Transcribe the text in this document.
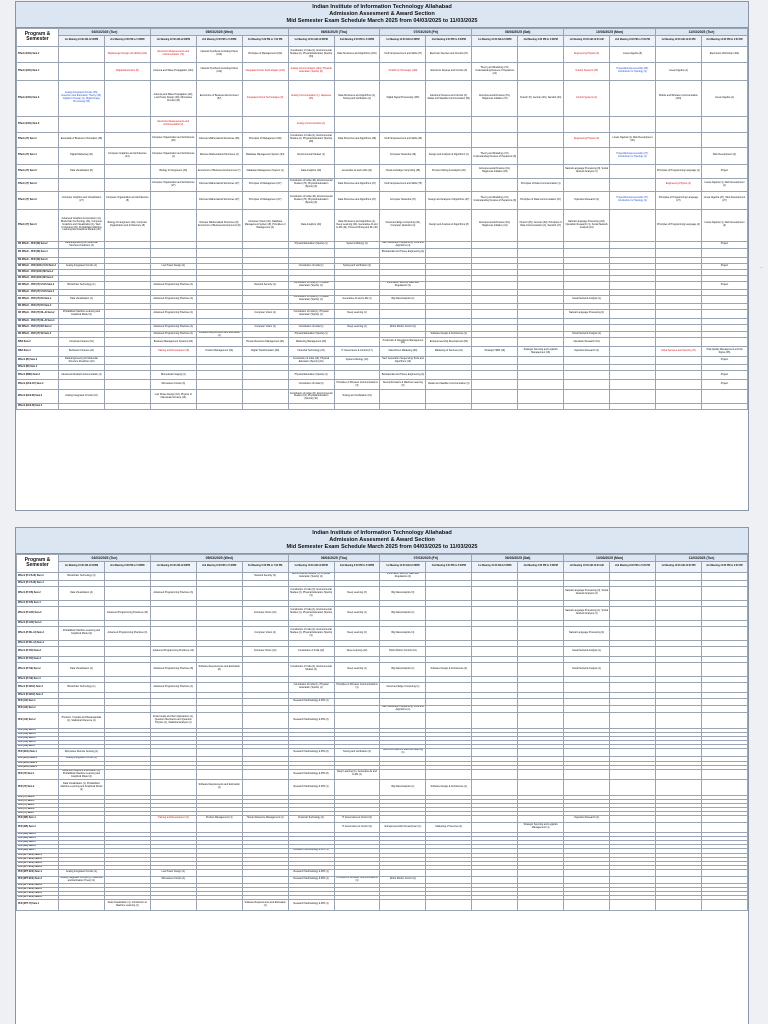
Indian Institute of Information Technology Allahabad
Admission Assesment & Award Section
Mid Semester Exam Schedule March 2025 from 04/03/2025 to 11/03/2025
Program & Semester	04/03/2025 (Tue)		05/03/2025 (Wed)			06/03/2025 (Thu)		07/03/2025 (Fri)		08/03/2025 (Sat)		10/03/2025 (Mon)		11/03/2025 (Tue)	
	1st Meeting 10:30 AM-12:30PM	2nd Meeting 3:30 PM to 5:30PM	1st Meeting 10:30 AM-12:30PM	2nd Meeting 3:30 PM to 5:30PM	3rd Meeting 5:30 PM to 7:30 PM	1st Meeting 10:30 AM-12:30PM	2nd Meeting 3:30 PM to 5:30PM	1st Meeting 10:30 AM-12:30PM	2nd Meeting 3:30 PM to 5:30PM	1st Meeting 10:30 AM-12:30PM	2nd Meeting 3:30 PM to 5:30PM	1st Meeting 10:30 AM-12:30 AM	2nd Meeting 3:30 PM to 5:30 PM	1st Meeting 10:30 AM-12:30 PM	2nd Meeting 12:30 PM to 2:30 PM
BTech (ECE) Sem-2		Digital Logic Design Lab (ECE) (104)	Electronic Measurements and Instrumentation (72)	Network Synthesis & Analog Filters (100)	Principles of Management (102)	Constitution of India (1), Environmental Studies (2), Physical Education (Sports) (54)	Data Structures and Algorithms (151)	Youth Empowerment and Skills (37)	Electronic Devices and Circuits (15)			Engineering Physics (6)	Linear Algebra (6)		Electronics Workshop (104)
BTech (ECE) Sem-4		Digital Electronics (8)	Antenna and Wave Propagation (144)	Network Synthesis & Analog Filters (144)	Integrated Circuit Technologies (144)	Analog Communication (144), Physical Education (Sports) (8)		VLSI/IC & CS Design (148)	Electronic Devices and Circuits (6)	Theory and Modeling of IC, Understanding Devices of Hepatrons (21)		Control Systems (25)	Project/Entrepreneurship (68), Introduction to Topology (1)	Linear Algebra (1)	
BTech (ECE) Sem-6	Analog Integrated Circuits (35), Detection and Estimation Theory (40), Digital IC Design (4), Digital Image Processing (30)		Antenna and Wave Propagation (22), Low Power Design (49), Microwave Circuits (49)	Economics of Business Environment (57)	Integrated Circuit Technologies (8)	Analog Communication (1), Japanese (56)	Data Structures and Algorithms (1), Testing and Verification (1)	Digital Signal Processing (105)	Electronic Devices and Circuits (3), Radar and Satellite Communication (51)	Entrepreneurial Finance (51), Happiness Initiative (37)	Fintech (5), German (40), Sanskrit (34)	Control Systems (1)		Mobile and Wireless Communication (104)	Linear Algebra (1)
BTech (ECE) Sem-8			Electronic Measurements and Instrumentation (2)			Analog Communication (1)									
BTech (IT) Sem-2	Essentials of Business Information (48)		Computer Organization and Architecture (48)	Discrete Mathematical Structures (48)	Principles of Management (48)	Constitution of India (1), Environmental Studies (2), Physical Education (Sports) (48)	Data Structures and Algorithms (48)	Youth Empowerment and Skills (48)				Engineering Physics (6)	Linear Algebra (4), Web Development (40)		
BTech (IT) Sem-4	Digital Marketing (42)	Computer Graphics and Architecture (44)	Computer Organization and Architecture (1)	Discrete Mathematical Structures (4)	Database Management System (64)	Environmental Studies (1)		Computer Networks (49)	Design and Analysis of Algorithms (1)	Theory and Modeling of IC, Understanding Devices of Hepatrons (8)			Project/Entrepreneurship (27), Introduction to Topology (1)		Web Development (4)
BTech (IT) Sem-6	Data Visualization (8)		Biology for Engineers (40)	Economics of Business Environment (7)	Database Management System (1)	Data Analytics (40)	Generative AI and LLMs (11)	Cloud and Edge Computing (38)	Process Mining & Analytics (40)	Entrepreneurial Finance (91), Happiness Initiative (25)		Natural Language Processing (8), Social Network Analysis (1)		Principles of Programming Language (1)	Project
BTech (IT) Sem-8			Computer Organization and Architecture (27)	Discrete Mathematical Structures (27)	Principles of Management (27)	Constitution of India (18), Environmental Studies (78), Physical Education (Sports) (6)	Data Structures and Algorithms (27)	Youth Empowerment and Skills (75)			Principles of Data Communication (1)			Engineering Physics (1)	Linear Algebra (1), Web Development (1)
BTech (IT) Sem-8	Computer Graphics and Visualization (27)	Computer Organization and Architecture (8)		Discrete Mathematical Structures (27)	Principles of Management (27)	Constitution of India (18), Environmental Studies (78), Physical Education (Sports) (6)	Data Structures and Algorithms (27)	Computer Networks (27)	Design and Analysis of Algorithms (27)	Theory and Modeling of IC, Understanding Devices of Hepatrons (8)	Principles of Data Communication (27)	Operation Research (1)	Project/Entrepreneurship (37), Introduction to Topology (4)	Principles of Programming Language (27)	Linear Algebra (27), Web Development (27)
BTech (IT) Sem-6	Advanced Graphics & Animation (11), Blockchain Technology (40), Computer Graphics and Visualization (1), Web Computing (20), Probabilistic Machine Learning and Graphical Models (40)	Biology for Engineers (40), Computer Organization and Architecture (8)		Discrete Mathematical Structures (8), Economics of Business Environment (8)	Computer Vision (40), Database Management System (8), Principles of Management (4)	Data Analytics (40)	Data Structures and Algorithms (1), Deep Learning (40), Generative AI and LLMs (40), Process Mining and RL (40)	Cloud and Edge Computing (40), Computer Networks (4)	Design and Analysis of Algorithms (8)	Entrepreneurial Finance (94), Happiness Initiative (41)	Fintech (25), German (42), Principles of Data Communication (1), Sanskrit (17)	Natural Language Processing (18), Operation Research (1), Social Network Analysis (24)		Principles of Programming Language (4)	Linear Algebra (1), Web Development (4)
BS MTech - PhD (BI) Sem-2	Data Engineering for Molecular Structure Prediction (4)					Physical Education (Sports) (1)	Systems Biology (4)	Next Generation Sequencing Tools and Algorithms (4)							Project
BS MTech - PhD (BI) Sem-4								Biomaterials and Tissue Engineering (4)							
BS MTech - PhD (BI) Sem-6															
DD MTech - PhD (ECE) VLSI Sem-2	Analog Integrated Circuits (1)		Low Power Design (1)			Constitution of India (1)	Testing and Verification (1)								Project
DD MTech - PhD (ECE) MI Sem-2															
DD MTech - PhD (ECE) MI Sem-4															
DD MTech - PhD (IT) CS-IS Sem-2	Blockchain Technology (1)		Advanced Programming Practices (1)		Network Security (1)	Constitution of India (1), Physical Education (Sports) (1)		Information Security Laws and Regulations (1)							Project
DD MTech - PhD (IT) CS-IS Sem-4															
DD MTech - PhD (IT) DS Sem-2	Data Visualization (1)		Advanced Programming Practices (1)			Constitution of India (1), Physical Education (Sports) (1)	Generative AI and LLMs (1)	Big Data Analytics (1)				Social Network Analysis (1)			
DD MTech - PhD (IT) DS Sem-4															
DD MTech - PhD (IT) ML-AI Sem-2	Probabilistic Machine Learning and Graphical Model (1)		Advanced Programming Practices (1)		Computer Vision (1)	Constitution of India (1), Physical Education (Sports) (1)	Deep Learning (1)					Natural Language Processing (1)			
DD MTech - PhD (IT) ML-AI Sem-4															
DD MTech - PhD (IT) RO Sem-2			Advanced Programming Practices (1)		Computer Vision (1)	Constitution of India (1)	Deep Learning (1)	Robot Motion Control (1)							
DD MTech - PhD (IT) SE Sem-2			Advanced Programming Practices (1)	Software Requirements and Estimation (1)		Physical Education (Sports) (1)			Software Design & Architecture (1)			Social Network Analysis (1)			
MBA Sem-2	Corporate Finance (61)		Business Management Systems (62)		Human Resource Management (61)	Marketing Management (60)		Production & Operations Management (61)	Entrepreneurship Development (62)			Operation Research (61)			
MBA Sem-4	Behaviour Finance (24)		Training and Development (8)	Product Management (24)	Digital Transformation (60)	Financial Technology (24)	IT Governance & Control (17)	Data Driven Marketing (60)	Marketing of Services (21)	Strategic HRM (19)	Strategic Sourcing and Logistics Management (16)	Operation Research (1)		Cloud Services and Security (27)	Total Quality Management and Six Sigma (35)
MTech (BI) Sem-2	Data Engineering for Molecular Structure Prediction (10)					Constitution of India (10), Physical Education (Sports) (10)	Systems Biology (10)	Next Generation Sequencing Tools and Algorithms (10)							Project
MTech (BI) Sem-4															
MTech (BME) Sem-2	Advanced Medical Instrumentation (4)		Biomedical Imaging (4)			Physical Education (Sports) (4)		Biomaterials and Tissue Engineering (4)							Project
MTech (ECE-CF) Sem-2			Microwave Circuits (3)			Constitution of India (3)	Principles of Wireless Communications (3)	Neuroinformatics & Machine Learning (3)	Radar and Satellite Communication (3)						Project
MTech (ECE-M) Sem-2	Analog Integrated Circuits (10)		Low Power Design (10), Physics of Nanoscale Devices (10)			Constitution of India (10), Environmental Studies (10), Physical Education (Sports) (10)	Testing and Verification (10)								
MTech (ECE-M) Sem-4															
—
Indian Institute of Information Technology Allahabad
Admission Assesment & Award Section
Mid Semester Exam Schedule March 2025 from 04/03/2025 to 11/03/2025
Program & Semester	04/03/2025 (Tue)		05/03/2025 (Wed)			06/03/2025 (Thu)		07/03/2025 (Fri)		08/03/2025 (Sat)		10/03/2025 (Mon)		11/03/2025 (Tue)	
	1st Meeting 10:30 AM-12:30PM	2nd Meeting 3:30 PM to 5:30PM	1st Meeting 10:30 AM-12:30PM	2nd Meeting 3:30 PM to 5:30PM	3rd Meeting 5:30 PM to 7:30 PM	1st Meeting 10:30 AM-12:30PM	2nd Meeting 3:30 PM to 5:30PM	1st Meeting 10:30 AM-12:30PM	2nd Meeting 3:30 PM to 5:30PM	1st Meeting 10:30 AM-12:30PM	2nd Meeting 3:30 PM to 5:30PM	1st Meeting 10:30 AM-12:30 AM	2nd Meeting 3:30 PM to 5:30 PM	1st Meeting 10:30 AM-12:30 PM	2nd Meeting 12:30 PM to 2:30 PM
MTech (IT-CS-IS) Sem-2	Blockchain Technology (4)				Network Security (4)	Environmental Studies (4), Physical Education (Sports) (4)		Information Security Laws and Regulations (4)							
MTech (IT-CS-IS) Sem-4															
MTech (IT-DS) Sem-2	Data Visualization (4)		Advanced Programming Practices (3)			Constitution of India (3), Environmental Studies (3), Physical Education (Sports) (3)	Deep Learning (3)	Big Data Analytics (3)				Natural Language Processing (3), Social Network Analysis (3)			
MTech (IT-DS) Sem-4															
MTech (IT-HCI) Sem-2		Advanced Programming Practices (16)			Computer Vision (16)	Constitution of India (1), Environmental Studies (1), Physical Education (Sports) (1)	Deep Learning (1)	Big Data Analytics (1)				Natural Language Processing (1), Social Network Analysis (1)			
MTech (IT-HCI) Sem-4															
MTech (IT-ML-AI) Sem-2	Probabilistic Machine Learning and Graphical Model (4)	Advanced Programming Practices (4)			Computer Vision (4)	Constitution of India (4), Environmental Studies (4), Physical Education (Sports) (4)	Deep Learning (4)	Big Data Analytics (4)				Natural Language Processing (4)			
MTech (IT-ML-AI) Sem-4															
MTech (IT-RO) Sem-2			Advanced Programming Practices (12)		Computer Vision (12)	Constitution of India (12)	Deep Learning (12)	Robot Motion Control (12)				Social Network Analysis (1)			
MTech (IT-RO) Sem-4															
MTech (IT-SE) Sem-2	Data Visualization (4)		Advanced Programming Practices (8)	Software Requirements and Estimation (8)		Constitution of India (4), Environmental Studies (4)	Deep Learning (1)	Big Data Analytics (1)	Software Design & Architecture (4)			Social Network Analysis (1)			
MTech (IT-SE) Sem-4															
MTech (IT-WAC) Sem-2	Blockchain Technology (1)		Advanced Programming Practices (1)			Constitution of India (1), Physical Education (Sports) (1)	Principles of Wireless Communications (1)	Cloud and Edge Computing (1)							
MTech (IT-WAC) Sem-4															
PhD (AS) Sem-1						Research Methodology & IPR (1)									
PhD (AS) Sem-2								Next Generation Sequencing Tools and Algorithms (1)							
PhD (AS) Sem-2	Photonic, Crystals and Metamaterials (1), Statistical Inference (1)		Finite Fields and their Applications (1), Quantum Mechanics and Quantum Physics (1), Statistical Analysis (1)			Research Methodology & IPR (2)									
PhD (AS) Sem-3															
PhD (AS) Sem-4															
PhD (AS) Sem-5															
PhD (AS) Sem-6															
PhD (AS) Sem-7															
PhD (ECE) Sem-1	Microwave Remote Sensing (1)					Research Methodology & IPR (6)	Testing and Verification (1)	Neuroinformatics & Machine Learning (1)							
PhD (ECE) Sem-2	Analog Integrated Circuits (1)														
PhD (ECE) Sem-3															
PhD (ECE) Sem-4															
PhD (IT) Sem-1	Advanced Graphics & Animation (1), Probabilistic Machine Learning and Graphical Model (1)					Research Methodology & IPR (8)	Deep Learning (1), Generative AI and LLMs (1)								
PhD (IT) Sem-2	Data Visualization (1), Probabilistic Machine Learning and Graphical Model (1)			Software Requirements and Estimation (1)		Research Methodology & IPR (1)		Big Data Analytics (1)	Software Design & Architecture (1)						
PhD (IT) Sem-3															
PhD (IT) Sem-4															
PhD (IT) Sem-5															
PhD (IT) Sem-6															
PhD (IT) Sem-7															
PhD (MS) Sem-1			Training and Development (1)	Product Management (1)	Human Resource Management (1)	Financial Technology (1)	IT Governance & Control (1)					Operation Research (1)			
PhD (MS) Sem-2							IT Governance & Control (1)	Entrepreneurship Development (1)	Marketing of Services (1)		Strategic Sourcing and Logistics Management (1)				
PhD (MS) Sem-3															
PhD (MS) Sem-4															
PhD (MS) Sem-5															
PhD (MS) Sem-6															
PhD (MS) Sem-7						Research Methodology & IPR (1)									
PhD (IIPT-ECE) Sem-1															
PhD (IIPT-ECE) Sem-2															
PhD (IIPT-ECE) Sem-3															
PhD (IIPT-ECE) Sem-4															
PhD (IIPT-ECE) Sem-1	Analog Integrated Circuits (1)		Low Power Design (1)			Research Methodology & IPR (1)									
PhD (IIPT-ECE) Sem-2	Analog Integrated Circuits (1), Detection and Estimation Theory (1)		Microwave Circuits (1)			Research Methodology & IPR (1)	Principles of Wireless Communications (1)	Robot Motion Control (1)							
PhD (IIPT-ECE) Sem-3															
PhD (IIPT-ECE) Sem-4															
PhD (IIPT-ECE) Sem-5															
PhD (IIPT-ECE) Sem-6															
PhD (IIPT-IT) Sem-1		Data Visualization (1), Introduction to Machine Learning (1)			Software Requirements and Estimation (1)	Research Methodology & IPR (1)									
